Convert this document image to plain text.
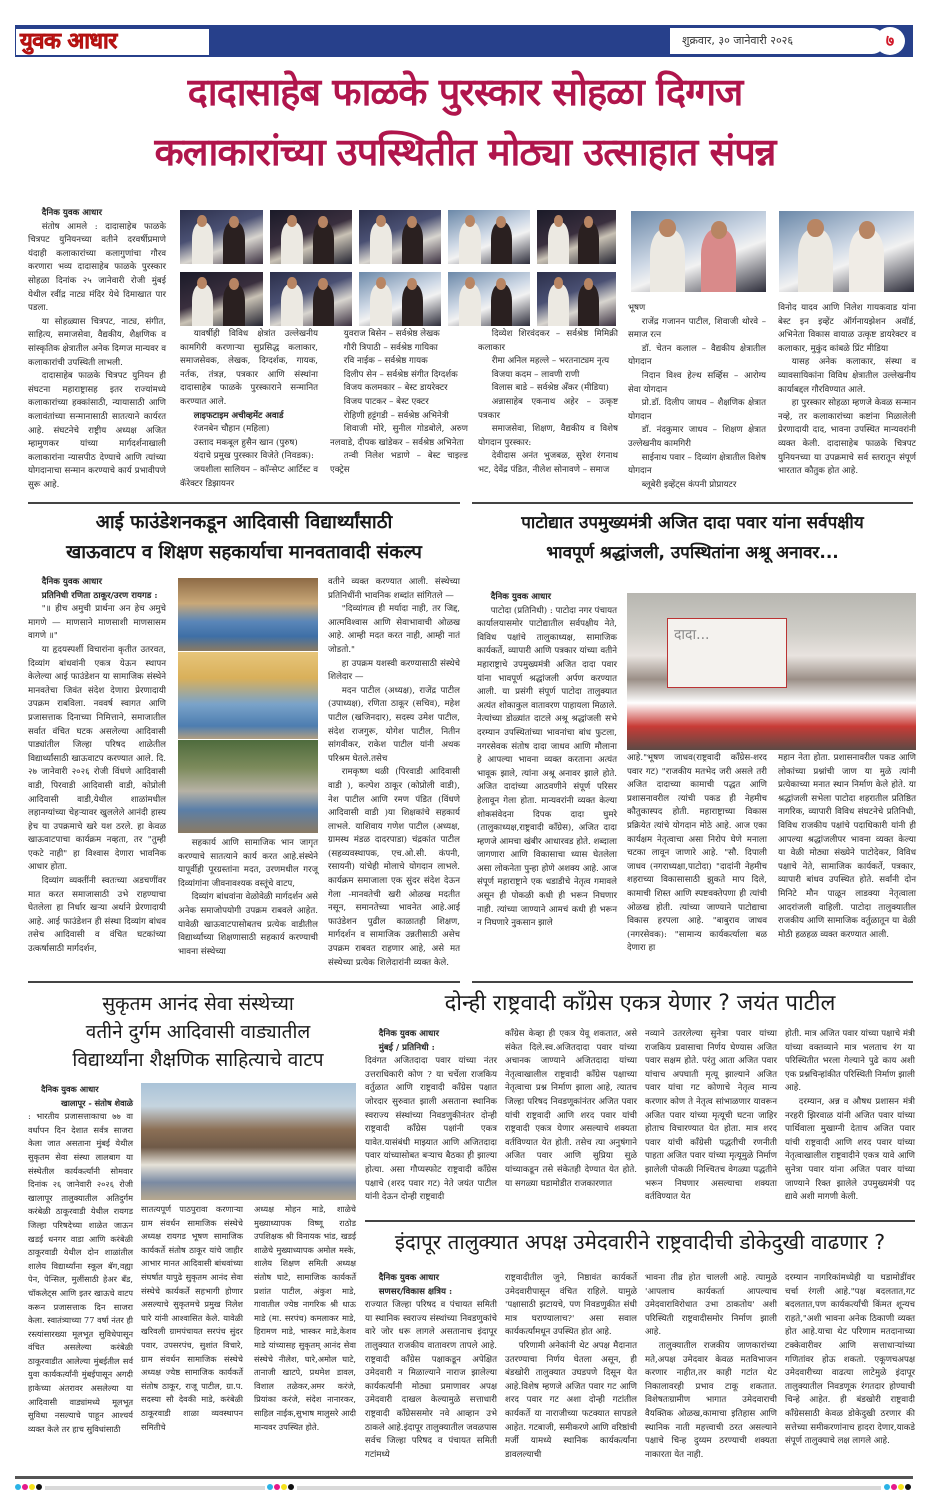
युवक आधार	शुक्रवार, ३० जानेवारी २०२६	७
दादासाहेब फाळके पुरस्कार सोहळा दिग्गज
कलाकारांच्या उपस्थितीत मोठ्या उत्साहात संपन्न
दैनिक युवक आधार

संतोष आमले : दादासाहेब फाळके चित्रपट युनियनच्या वतीने दरवर्षीप्रमाणे यंदाही कलाकारांच्या कलागुणांचा गौरव करणारा भव्य दादासाहेब फाळके पुरस्कार सोहळा दिनांक २५ जानेवारी रोजी मुंबई येथील रवींद्र नाट्य मंदिर येथे दिमाखात पार पडला.

या सोहळ्यास चित्रपट, नाट्य, संगीत, साहित्य, समाजसेवा, वैद्यकीय, शैक्षणिक व सांस्कृतिक क्षेत्रातील अनेक दिग्गज मान्यवर व कलाकारांची उपस्थिती लाभली.

दादासाहेब फाळके चित्रपट युनियन ही संघटना महाराष्ट्रासह इतर राज्यांमध्ये कलाकारांच्या हक्कांसाठी, न्यायासाठी आणि कलावंतांच्या सन्मानासाठी सातत्याने कार्यरत आहे. संघटनेचे राष्ट्रीय अध्यक्ष अजित म्हामुणकर यांच्या मार्गदर्शनाखाली कलाकारांना न्यासपीठ देण्याचे आणि त्यांच्या योगदानाचा सन्मान करण्याचे कार्य प्रभावीपणे सुरू आहे.

यावर्षीही विविध क्षेत्रांत उल्लेखनीय कामगिरी करणाऱ्या सुप्रसिद्ध कलाकार, समाजसेवक, लेखक, दिग्दर्शक, गायक, नर्तक, तंत्रज्ञ, पत्रकार आणि संस्थांना दादासाहेब फाळके पुरस्काराने सन्मानित करण्यात आले.

लाइफटाइम अचीव्हमेंट अवार्ड

रंजनबेन चौहान (महिला)

उस्ताद मकबूल हुसैन खान (पुरुष)

यंदाचे प्रमुख पुरस्कार विजेते (निवडक):

जयशीला सालियन – कॉन्सेप्ट आर्टिस्ट व कॅरेक्टर डिझायनर

युवराज बिसेन – सर्वश्रेष्ठ लेखक

गौरी त्रिपाठी – सर्वश्रेष्ठ गायिका

रवि नाईक – सर्वश्रेष्ठ गायक

दिलीप सेन – सर्वश्रेष्ठ संगीत दिग्दर्शक

विजय कलमकार – बेस्ट डायरेक्टर

विजय पाटकर – बेस्ट एक्टर

रोहिणी हट्टंगडी – सर्वश्रेष्ठ अभिनेत्री

शिवाजी मोरे, सुनील गोडबोले, अरुण नलवाडे, दीपक खांडेकर – सर्वश्रेष्ठ अभिनेता

तन्वी निलेश भडाणे – बेस्ट चाइल्ड एक्ट्रेस

दिव्येश शिरवंदकर – सर्वश्रेष्ठ मिमिक्री कलाकार

रीमा अनिल महल्ले – भरतनाट्यम नृत्य

विजया कदम – लावणी राणी

विलास बाडे – सर्वश्रेष्ठ अँकर (मीडिया)

अन्नासाहेब एकनाथ अहेर – उत्कृष्ट पत्रकार

समाजसेवा, शिक्षण, वैद्यकीय व विशेष योगदान पुरस्कार:

देवीदास अनंत भुजबळ, सुरेश रंगनाथ भट, देवेंद्र पंडित, नीलेश सोनावणे – समाज

भूषण

राजेंद्र गजानन पाटील, शिवाजी थोरवे – समाज रत्न

डॉ. चेतन कलाल – वैद्यकीय क्षेत्रातील योगदान

निदान विश्व हेल्थ सर्व्हिस – आरोग्य सेवा योगदान

प्रो.डॉ. दिलीप जाधव – शैक्षणिक क्षेत्रात योगदान

डॉ. नंदकुमार जाधव – शिक्षण क्षेत्रात उल्लेखनीय कामगिरी

साईनाथ पवार – दिव्यांग क्षेत्रातील विशेष योगदान

ब्लूबेरी इव्हेंट्स कंपनी प्रोप्रायटर

विनोद यादव आणि निलेश गायकवाड यांना बेस्ट इन इव्हेंट ऑर्गनायझेशन अवॉर्ड, अभिनेता विकास वायाळ उत्कृष्ट डायरेक्टर व कलाकार, मुकुंद कांबळे प्रिंट मीडिया

यासह अनेक कलाकार, संस्था व व्यावसायिकांना विविध क्षेत्रातील उल्लेखनीय कार्याबद्दल गौरविण्यात आले.

हा पुरस्कार सोहळा म्हणजे केवळ सन्मान नव्हे, तर कलाकारांच्या कष्टांना मिळालेली प्रेरणादायी दाद, भावना उपस्थित मान्यवरांनी व्यक्त केली. दादासाहेब फाळके चित्रपट युनियनच्या या उपक्रमाचे सर्व स्तरातून संपूर्ण भारतात कौतुक होत आहे.

आई फाउंडेशनकडून आदिवासी विद्यार्थ्यांसाठी
खाऊवाटप व शिक्षण सहकार्याचा मानवतावादी संकल्प
दैनिक युवक आधार

प्रतिनिधी रणिता ठाकूर/उरण रायगड :

"॥ हीच अमुची प्रार्थना अन हेच अमुचे मागणे — माणसाने माणसाशी माणसासम वागणे ॥"

या हृदयस्पर्शी विचारांना कृतीत उतरवत, दिव्यांग बांधवांनी एकत्र येऊन स्थापन केलेल्या आई फाउंडेशन या सामाजिक संस्थेने मानवतेचा जिवंत संदेश देणारा प्रेरणादायी उपक्रम राबविला. नववर्ष स्वागत आणि प्रजासत्ताक दिनाच्या निमित्ताने, समाजातील सर्वात वंचित घटक असलेल्या आदिवासी पाड्यांतील जिल्हा परिषद शाळेतील विद्यार्थ्यांसाठी खाऊवाटप करण्यात आले. दि. २७ जानेवारी २०२६ रोजी विंधणे आदिवासी वाडी, पिरवाडी आदिवासी वाडी, कोप्रोली आदिवासी वाडी,येथील शाळांमधील लहानग्यांच्या चेहऱ्यावर खुललेले आनंदी हास्य हेच या उपक्रमाचे खरे यश ठरले. हा केवळ खाऊवाटपाचा कार्यक्रम नव्हता, तर "तुम्ही एकटे नाही" हा विश्वास देणारा भावनिक आधार होता.

दिव्यांग व्यक्तींनी स्वतःच्या अडचणींवर मात करत समाजासाठी उभे राहण्याचा घेतलेला हा निर्धार खऱ्या अर्थाने प्रेरणादायी आहे. आई फाउंडेशन ही संस्था दिव्यांग बांधव तसेच आदिवासी व वंचित घटकांच्या उत्कर्षासाठी मार्गदर्शन,

सहकार्य आणि सामाजिक भान जागृत करण्याचे सातत्याने कार्य करत आहे.संस्थेने यापूर्वीही पूरग्रस्तांना मदत, उरणमधील गरजू दिव्यांगांना जीवनावश्यक वस्तूंचे वाटप,

दिव्यांग बांधवांना वेळोवेळी मार्गदर्शन असे अनेक समाजोपयोगी उपक्रम राबवले आहेत. यावेळी खाऊवाटपासोबतच प्रत्येक वाडीतील विद्यार्थ्यांच्या शिक्षणासाठी सहकार्य करण्याची भावना संस्थेच्या

वतीने व्यक्त करण्यात आली. संस्थेच्या प्रतिनिधींनी भावनिक शब्दांत सांगितले —

"दिव्यांगत्व ही मर्यादा नाही, तर जिद्द, आत्मविश्वास आणि सेवाभावाची ओळख आहे. आम्ही मदत करत नाही, आम्ही नातं जोडतो."

हा उपक्रम यशस्वी करण्यासाठी संस्थेचे शिलेदार —

मदन पाटील (अध्यक्ष), राजेंद्र पाटील (उपाध्यक्ष), रणिता ठाकूर (सचिव), महेश पाटील (खजिनदार), सदस्य उमेश पाटील, संदेश राजगुरू, योगेश पाटील, नितीन सांगवीकर, राकेश पाटील यांनी अथक परिश्रम घेतले.तसेच

रामकृष्ण थळी (पिरवाडी आदिवासी वाडी ), कल्पेश ठाकूर (कोप्रोली वाडी), नेश पाटील आणि रमण पंडित (विंधणे आदिवासी वाडी )या शिक्षकांचे सहकार्य लाभले. याशिवाय गणेश पाटील (अध्यक्ष, ग्रामस्थ मंडळ दादरपाडा) चंद्रकांत पाटील (सहव्यवस्थापक, एच.ओ.सी. कंपनी, रसायनी) यांचेही मोलाचे योगदान लाभले. कार्यक्रम समाजाला एक सुंदर संदेश देऊन गेला -मानवतेची खरी ओळख मदतीत नसून, समानतेच्या भावनेत आहे.आई फाउंडेशन पुढील काळातही शिक्षण, मार्गदर्शन व सामाजिक उन्नतीसाठी असेच उपक्रम राबवत राहणार आहे, असे मत संस्थेच्या प्रत्येक शिलेदारांनी व्यक्त केले.

पाटोद्यात उपमुख्यमंत्री अजित दादा पवार यांना सर्वपक्षीय
भावपूर्ण श्रद्धांजली, उपस्थितांना अश्रू अनावर...
दैनिक युवक आधार

पाटोदा (प्रतिनिधी) : पाटोदा नगर पंचायत कार्यालयासमोर पाटोद्यातील सर्वपक्षीय नेते, विविध पक्षांचे तालुकाध्यक्ष, सामाजिक कार्यकर्ते, व्यापारी आणि पत्रकार यांच्या वतीने महाराष्ट्राचे उपमुख्यमंत्री अजित दादा पवार यांना भावपूर्ण श्रद्धांजली अर्पण करण्यात आली. या प्रसंगी संपूर्ण पाटोदा तालुक्यात अत्यंत शोकाकुल वातावरण पाहायला मिळाले. नेत्यांच्या डोळ्यांत दाटले अश्रू श्रद्धांजली सभे दरम्यान उपस्थितांच्या भावनांचा बांध फुटला, नगरसेवक संतोष दादा जाधव आणि मौलाना हे आपल्या भावना व्यक्त करताना अत्यंत भावूक झाले, त्यांना अश्रू अनावर झाले होते. अजित दादांच्या आठवणीने संपूर्ण परिसर हेलावून गेला होता. मान्यवरांनी व्यक्त केल्या शोकसंवेदना दिपक दादा घुमरे (तालुकाध्यक्ष,राष्ट्रवादी कॉंग्रेस), अजित दादा म्हणजे आमचा खंबीर आधारवड होते. शब्दाला जागणारा आणि विकासाचा ध्यास घेतलेला असा लोकनेता पुन्हा होणे अशक्य आहे. आज संपूर्ण महाराष्ट्राने एक धडाडीचे नेतृत्व गमावले असून ही पोकळी कधी ही भरून निघणार नाही. त्यांच्या जाण्याने आमचं कधी ही भरून न निघणारे नुकसान झाले

दादा...
आहे."भूषण जाधव(राष्ट्रवादी कॉंग्रेस-शरद पवार गट) "राजकीय मतभेद जरी असले तरी अजित दादाच्या कामाची पद्धत आणि प्रशासनावरील त्यांची पकड ही नेहमीच कौतुकास्पद होती. महाराष्ट्राच्या विकास प्रक्रियेत त्यांचे योगदान मोठे आहे. आज एका कार्यक्षम नेतृत्वाचा असा निरोप घेणे मनाला चटका लावून जाणारे आहे. "सौ. दिपाली जाधव (नगराध्यक्षा,पाटोदा) "दादांनी नेहमीच शहराच्या विकासासाठी झुकते माप दिले, कामाची शिस्त आणि स्पष्टवक्तेपणा ही त्यांची ओळख होती. त्यांच्या जाण्याने पाटोद्याचा विकास हरपला आहे. "बाबुराव जाधव (नगरसेवक): "सामान्य कार्यकर्त्याला बळ देणारा हा
महान नेता होता. प्रशासनावरील पकड आणि लोकांच्या प्रश्नांची जाण या मुळे त्यांनी प्रत्येकाच्या मनात स्थान निर्माण केले होते. या श्रद्धांजली सभेला पाटोदा शहरातील प्रतिष्ठित नागरिक, व्यापारी विविध संघटनेचे प्रतिनिधी, विविध राजकीय पक्षांचे पदाधिकारी यांनी ही आपल्या श्रद्धांजलीपर भावना व्यक्त केल्या या वेळी मोठ्या संख्येने पाटोदेकर, विविध पक्षाचे नेते, सामाजिक कार्यकर्ते, पत्रकार, व्यापारी बांधव उपस्थित होते. सर्वांनी दोन मिनिटे मौन पाळून लाडक्या नेतृत्वाला आदरांजली वाहिली. पाटोदा तालुक्यातील राजकीय आणि सामाजिक वर्तुळातून या वेळी मोठी हळहळ व्यक्त करण्यात आली.
सुकृतम आनंद सेवा संस्थेच्या
वतीने दुर्गम आदिवासी वाड्यातील
विद्यार्थ्यांना शैक्षणिक साहित्याचे वाटप
दैनिक युवक आधार
खालापूर - संतोष शेवाळे
: भारतीय प्रजासत्ताकाचा ७७ वा वर्धापन दिन देशात सर्वत्र साजरा केला जात असताना मुंबई येथील सुकृतम सेवा संस्था लालबाग या संस्थेतील कार्यकर्त्यांनी सोमवार दिनांक २६ जानेवारी २०२६ रोजी खालापूर तालुक्यातील अतिदुर्गम करंबेळी ठाकूरवाडी येथील रायगड जिल्हा परिषदेच्या शाळेत जाऊन खडई धनगर वाडा आणि करंबेळी ठाकूरवाडी येथील दोन शाळांतील शालेय विद्यार्थ्यांना स्कूल बॅग,वह्या पेन, पेन्सिल, मुलींसाठी हेअर बँड, चॉकलेट्स आणि इतर खाऊचे वाटप करून प्रजासत्ताक दिन साजरा केला. स्वातंत्र्याच्या 77 वर्षा नंतर ही रस्त्यांसारख्या मूलभूत सुविधेपासून वंचित असलेल्या करंबेळी ठाकूरवाडीत आलेल्या मुंबईतील सर्व युवा कार्यकर्त्यांनी मुंबईपासून अगदी हाकेच्या अंतरावर असलेल्या या आदिवासी वाड्यांमध्ये मूलभूत सुविधा नसल्याचे पाहून आश्चर्य व्यक्त केले तर हाच सुविधांसाठी
सातत्यपूर्ण पाठपुरावा करणाऱ्या ग्राम संवर्धन सामाजिक संस्थेचे अध्यक्ष रायगड भूषण सामाजिक कार्यकर्ते संतोष ठाकूर यांचे जाहीर आभार मानत आदिवासी बांधवांच्या संघर्षात यापुढे सुकृतम आनंद सेवा संस्थेचे कार्यकर्ते सहभागी होणार असल्याचे सुकृतमचे प्रमुख निलेश घारे यांनी आश्वासित केले. यावेळी खरिवली ग्रामपंचायत सरपंच सुंदर पवार, उपसरपंच, सुशांत विचारे, ग्राम संवर्धन सामाजिक संस्थेचे अध्यक्ष ज्येष्ठ सामाजिक कार्यकर्ते संतोष ठाकूर, राजू पाटील, ग्रा.प. सदस्या सौ देवकी माडे, करंबेळी ठाकूरवाडी शाळा व्यवस्थापन समितीचे
अध्यक्ष मोहन माडे, शाळेचे मुख्याध्यापक विष्णू राठोड उपशिक्षक श्री विनायक भांड, खडई शाळेचे मुख्याध्यापक अमोल मस्के, शालेय शिक्षण समिती अध्यक्ष संतोष घाटे, सामाजिक कार्यकर्ते प्रशांत पाटील, अंकुश माडे, गावातील ज्येष्ठ नागरिक श्री धाऊ माडे (मा. सरपंच) कमलाकर माडे, हिरामण माडे, भास्कर माडे,केशव माडे यांच्यासह सुकृतम् आनंद सेवा संस्थेचे नीलेश, घारे,अमोल घाटे, तानाजी खाटपे, प्रथमेश डावल, विशाल तळेकर,अमर करंजे, प्रियांका करंजे, संदेश नानारकर, साहिल नाईक,सुभाष मालुसरे आदी मान्यवर उपस्थित होते.
दोन्ही राष्ट्रवादी काँग्रेस एकत्र येणार ? जयंत पाटील
दैनिक युवक आधार
मुंबई / प्रतिनिधी :
दिवंगत अजितदादा पवार यांच्या नंतर उत्तराधिकारी कोण ? या चर्चेला राजकिय वर्तुळात आणि राष्ट्रवादी कॉंग्रेस पक्षात जोरदार सुरुवात झाली असताना स्थानिक स्वराज्य संस्थांच्या निवडणुकीनंतर दोन्ही राष्ट्रवादी कॉंग्रेस पक्षांनी एकत्र यावेत.यासंबंधी माझ्यात आणि अजितदादा पवार यांच्यासोबत बऱ्याच बैठका ही झाल्या होत्या. असा गौप्यस्फोट राष्ट्रवादी कॉंग्रेस पक्षाचे (शरद पवार गट) नेते जयंत पाटील यांनी देऊन दोन्ही राष्ट्रवादी
कॉंग्रेस केव्हा ही एकत्र येवू शकतात, असे संकेत दिले.स्व.अजितदादा पवार यांच्या अचानक जाण्याने अजितदादा यांच्या नेतृत्वाखालील राष्ट्रवादी कॉंग्रेस पक्षाच्या नेतृत्वाचा प्रश्न निर्माण झाला आहे, त्यातच जिल्हा परिषद निवडणूकांनंतर अजित पवार यांची राष्ट्रवादी आणि शरद पवार यांची राष्ट्रवादी एकत्र येणार असल्याचे शक्यता वर्तविण्यात येत होती. तसेच त्या अनुषंगाने अजित पवार आणि सुप्रिया सुळे यांच्याकडून तसे संकेतही देण्यात येत होते. या सगळ्या घडामोडीत राजकारणात
नव्याने उतरलेल्या सुनेत्रा पवार यांच्या राजकिय प्रवासाचा निर्णय घेण्यास अजित पवार सक्षम होते. परंतु आता अजित पवार यांचाच अपघाती मृत्यू झाल्याने अजित पवार यांचा गट कोणाचे नेतृत्व मान्य करणार कोण ते नेतृत्व सांभाळणार यावरून अजित पवार यांच्या मृत्यूची घटना जाहिर होताच विचारण्यात येत होता. मात्र शरद पवार यांची कॉंग्रेसी पद्धतीची रणनीती पाहता अजित पवार यांच्या मृत्यूमुळे निर्माण झालेली पोकळी निश्चितच वेगळ्या पद्धतीने भरून निघणार असल्याचा शक्यता वर्तविण्यात येत
होती. मात्र अजित पवार यांच्या पक्षाचे मंत्री यांच्या वक्तव्याने मात्र भलताच रंग या परिस्थितीत भरला गेल्याने पुढे काय अशी एक प्रश्नचिन्हांकीत परिस्थिती निर्माण झाली आहे.

दरम्यान, अन्न व औषध प्रशासन मंत्री नरहरी झिरवाळ यांनी अजित पवार यांच्या पार्थिवाला मुखाग्नी देताच अजित पवार यांची राष्ट्रवादी आणि शरद पवार यांच्या नेतृत्वाखालील राष्ट्रवादीने एकत्र यावे आणि सुनेत्रा पवार यांना अजित पवार यांच्या जाण्याने रिक्त झालेले उपमुख्यमंत्री पद द्यावे अशी मागणी केली.

इंदापूर तालुक्यात अपक्ष उमेदवारीने राष्ट्रवादीची डोकेदुखी वाढणार ?
दैनिक युवक आधार
सणसर/विकास क्षत्रिय :
राज्यात जिल्हा परिषद व पंचायत समिती या स्थानिक स्वराज्य संस्थांच्या निवडणुकांचे वारे जोर धरू लागले असतानाच इंदापूर तालुक्यात राजकीय वातावरण तापले आहे. राष्ट्रवादी कॉंग्रेस पक्षाकडून अपेक्षित उमेदवारी न मिळाल्याने नाराज झालेल्या कार्यकर्त्यांनी मोठ्या प्रमाणावर अपक्ष उमेदवारी दाखल केल्यामुळे सत्ताधारी राष्ट्रवादी कॉंग्रेससमोर नवे आव्हान उभे ठाकले आहे.इंदापूर तालुक्यातील जवळपास सर्वच जिल्हा परिषद व पंचायत समिती गटांमध्ये
राष्ट्रवादीतील जुने, निष्ठावंत कार्यकर्ते उमेदवारीपासून वंचित राहिले. यामुळे 'पक्षासाठी झटायचे, पण निवडणुकीत संधी मात्र घराण्यालाच?' असा सवाल कार्यकर्त्यांमधून उपस्थित होत आहे.

परिणामी अनेकांनी थेट अपक्ष मैदानात उतरण्याचा निर्णय घेतला असून, ही बंडखोरी तालुक्यात उघडपणे दिसून येत आहे.विशेष म्हणजे अजित पवार गट आणि शरद पवार गट अशा दोन्ही गटांतील कार्यकर्ते या नाराजीच्या फटक्यात सापडले आहेत. गटबाजी, समीकरणे आणि वरिष्ठांची मर्जी यामध्ये स्थानिक कार्यकर्त्यांना डावलल्याची

भावना तीव्र होत चालली आहे. त्यामुळे 'आपलाच कार्यकर्ता आपल्याच उमेदवाराविरोधात उभा ठाकतोय' अशी परिस्थिती राष्ट्रवादीसमोर निर्माण झाली आहे.

तालुक्यातील राजकीय जाणकारांच्या मते,अपक्ष उमेदवार केवळ मतविभाजन करणार नाहीत,तर काही गटांत थेट निकालावरही प्रभाव टाकू शकतात. विशेषतःग्रामीण भागात उमेदवाराची वैयक्तिक ओळख,कामाचा इतिहास आणि स्थानिक नाती महत्त्वाची ठरत असल्याने पक्षाचे चिन्ह दुय्यम ठरण्याची शक्यता नाकारता येत नाही.

दरम्यान नागरिकांमध्येही या घडामोडींवर चर्चा रंगली आहे."पक्ष बदलतात,गट बदलतात,पण कार्यकर्त्यांची किंमत शून्यच राहते,"अशी भावना अनेक ठिकाणी व्यक्त होत आहे.याचा थेट परिणाम मतदानाच्या टक्केवारीवर आणि सत्ताधाऱ्यांच्या गणितांवर होऊ शकतो. एकूणचअपक्ष उमेदवारीच्या वाढत्या लाटेमुळे इंदापूर तालुक्यातील निवडणूक रंगतदार होण्याची चिन्हे आहेत. ही बंडखोरी राष्ट्रवादी कॉंग्रेससाठी केवळ डोकेदुखी ठरणार की सत्तेच्या समीकरणांनाच हादरा देणार,याकडे संपूर्ण तालुक्याचे लक्ष लागले आहे.
